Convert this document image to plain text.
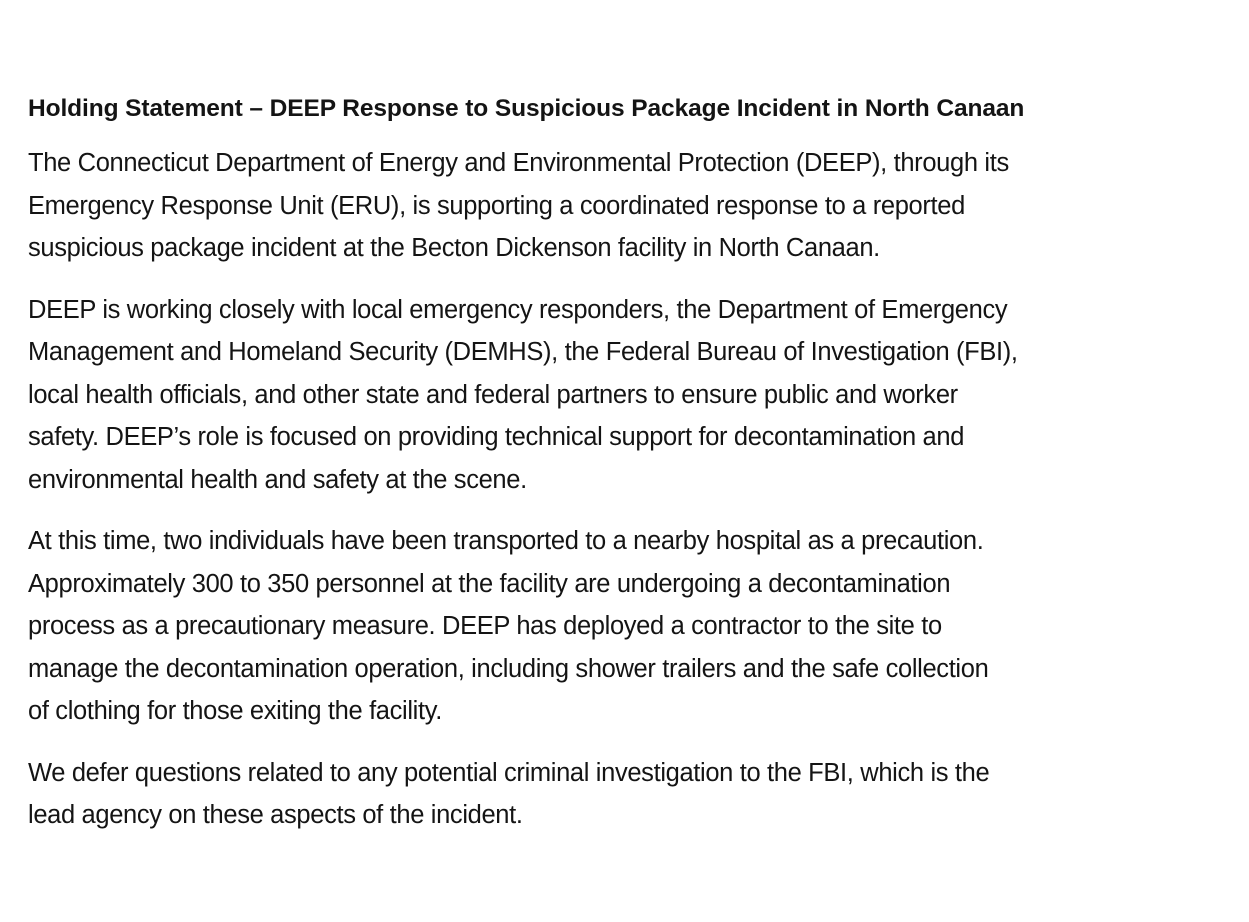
Holding Statement – DEEP Response to Suspicious Package Incident in North Canaan
The Connecticut Department of Energy and Environmental Protection (DEEP), through its
Emergency Response Unit (ERU), is supporting a coordinated response to a reported
suspicious package incident at the Becton Dickenson facility in North Canaan.
DEEP is working closely with local emergency responders, the Department of Emergency
Management and Homeland Security (DEMHS), the Federal Bureau of Investigation (FBI),
local health officials, and other state and federal partners to ensure public and worker
safety. DEEP’s role is focused on providing technical support for decontamination and
environmental health and safety at the scene.
At this time, two individuals have been transported to a nearby hospital as a precaution.
Approximately 300 to 350 personnel at the facility are undergoing a decontamination
process as a precautionary measure. DEEP has deployed a contractor to the site to
manage the decontamination operation, including shower trailers and the safe collection
of clothing for those exiting the facility.
We defer questions related to any potential criminal investigation to the FBI, which is the
lead agency on these aspects of the incident.
